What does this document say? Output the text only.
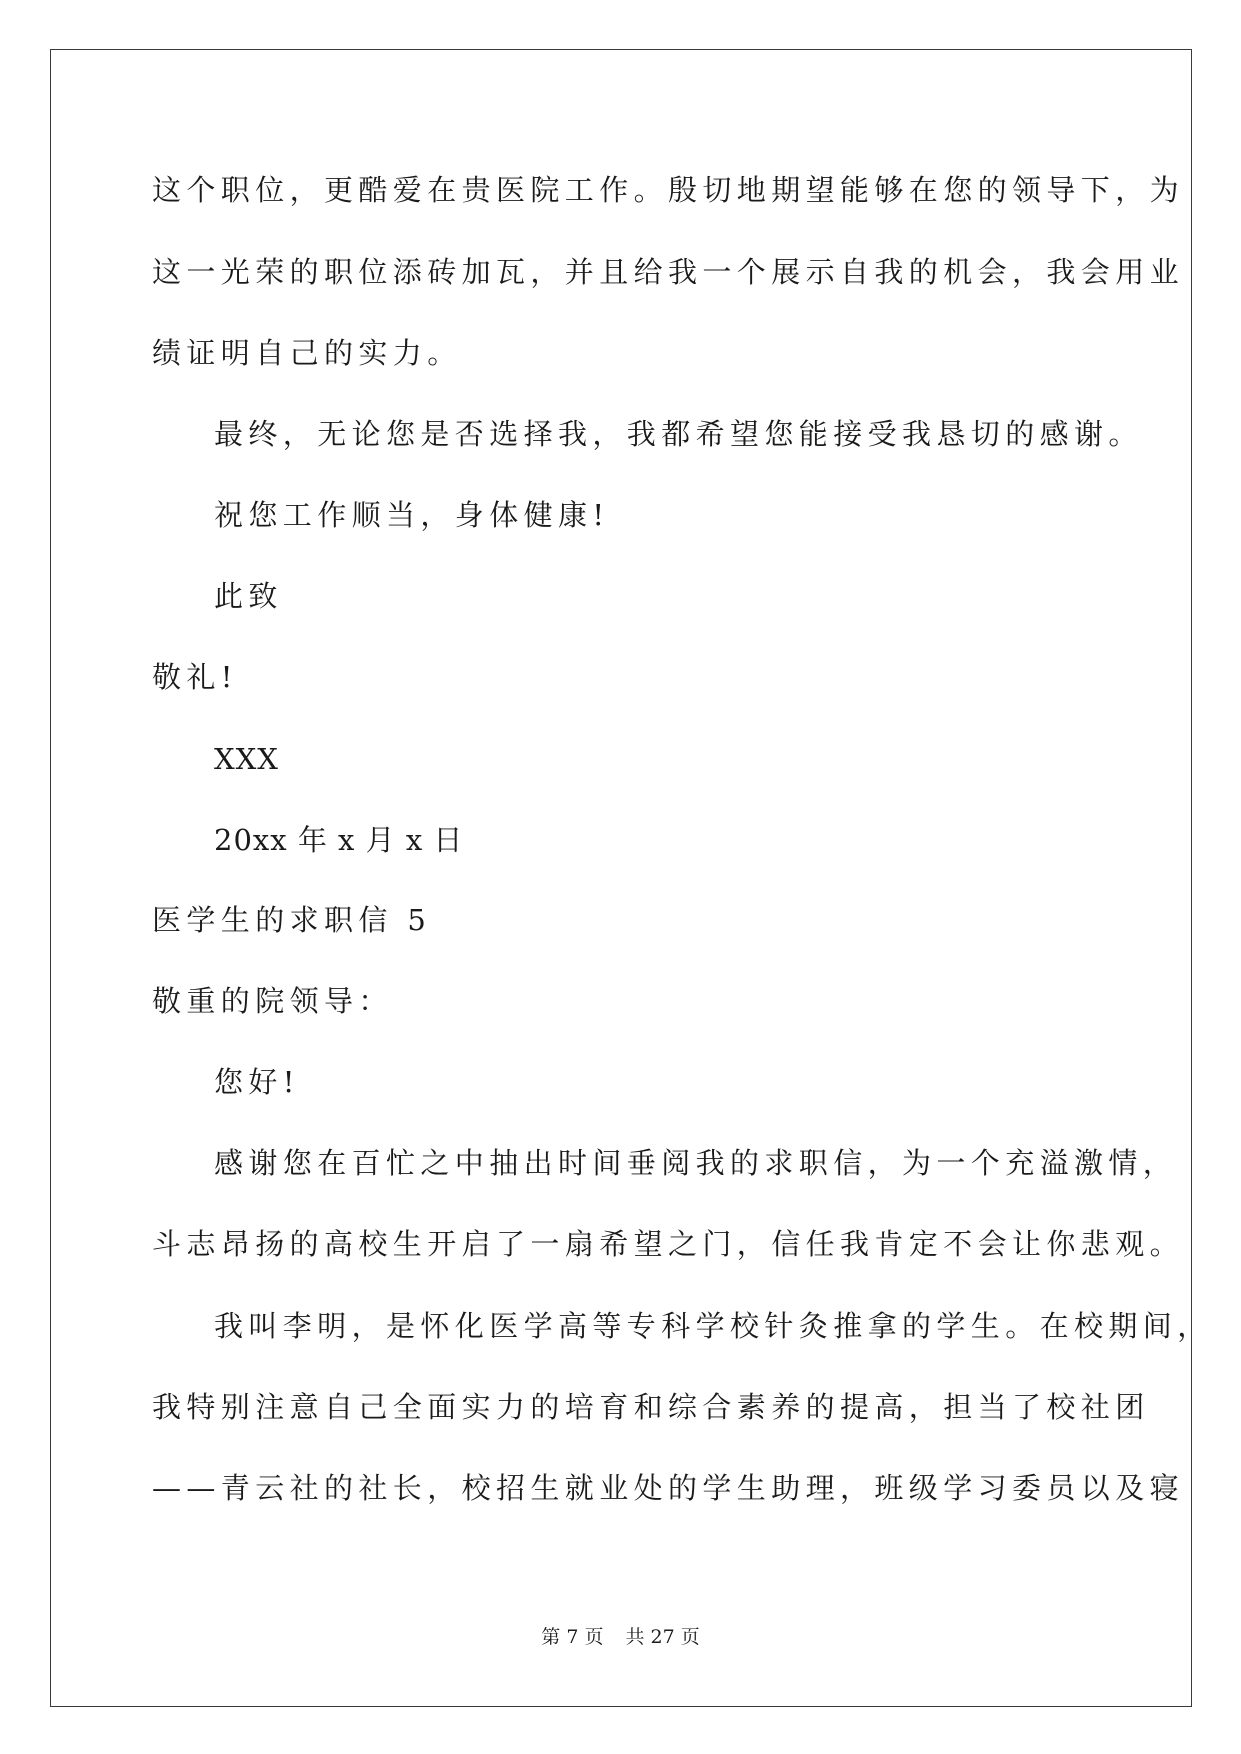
这个职位，更酷爱在贵医院工作。殷切地期望能够在您的领导下，为
这一光荣的职位添砖加瓦，并且给我一个展示自我的机会，我会用业
绩证明自己的实力。
最终，无论您是否选择我，我都希望您能接受我恳切的感谢。
祝您工作顺当，身体健康!
此致
敬礼!
XXX
20xx 年 x 月 x 日
医学生的求职信 5
敬重的院领导：
您好!
感谢您在百忙之中抽出时间垂阅我的求职信，为一个充溢激情，
斗志昂扬的高校生开启了一扇希望之门，信任我肯定不会让你悲观。
我叫李明，是怀化医学高等专科学校针灸推拿的学生。在校期间，
我特别注意自己全面实力的培育和综合素养的提高，担当了校社团
——青云社的社长，校招生就业处的学生助理，班级学习委员以及寝
第 7 页 共 27 页
